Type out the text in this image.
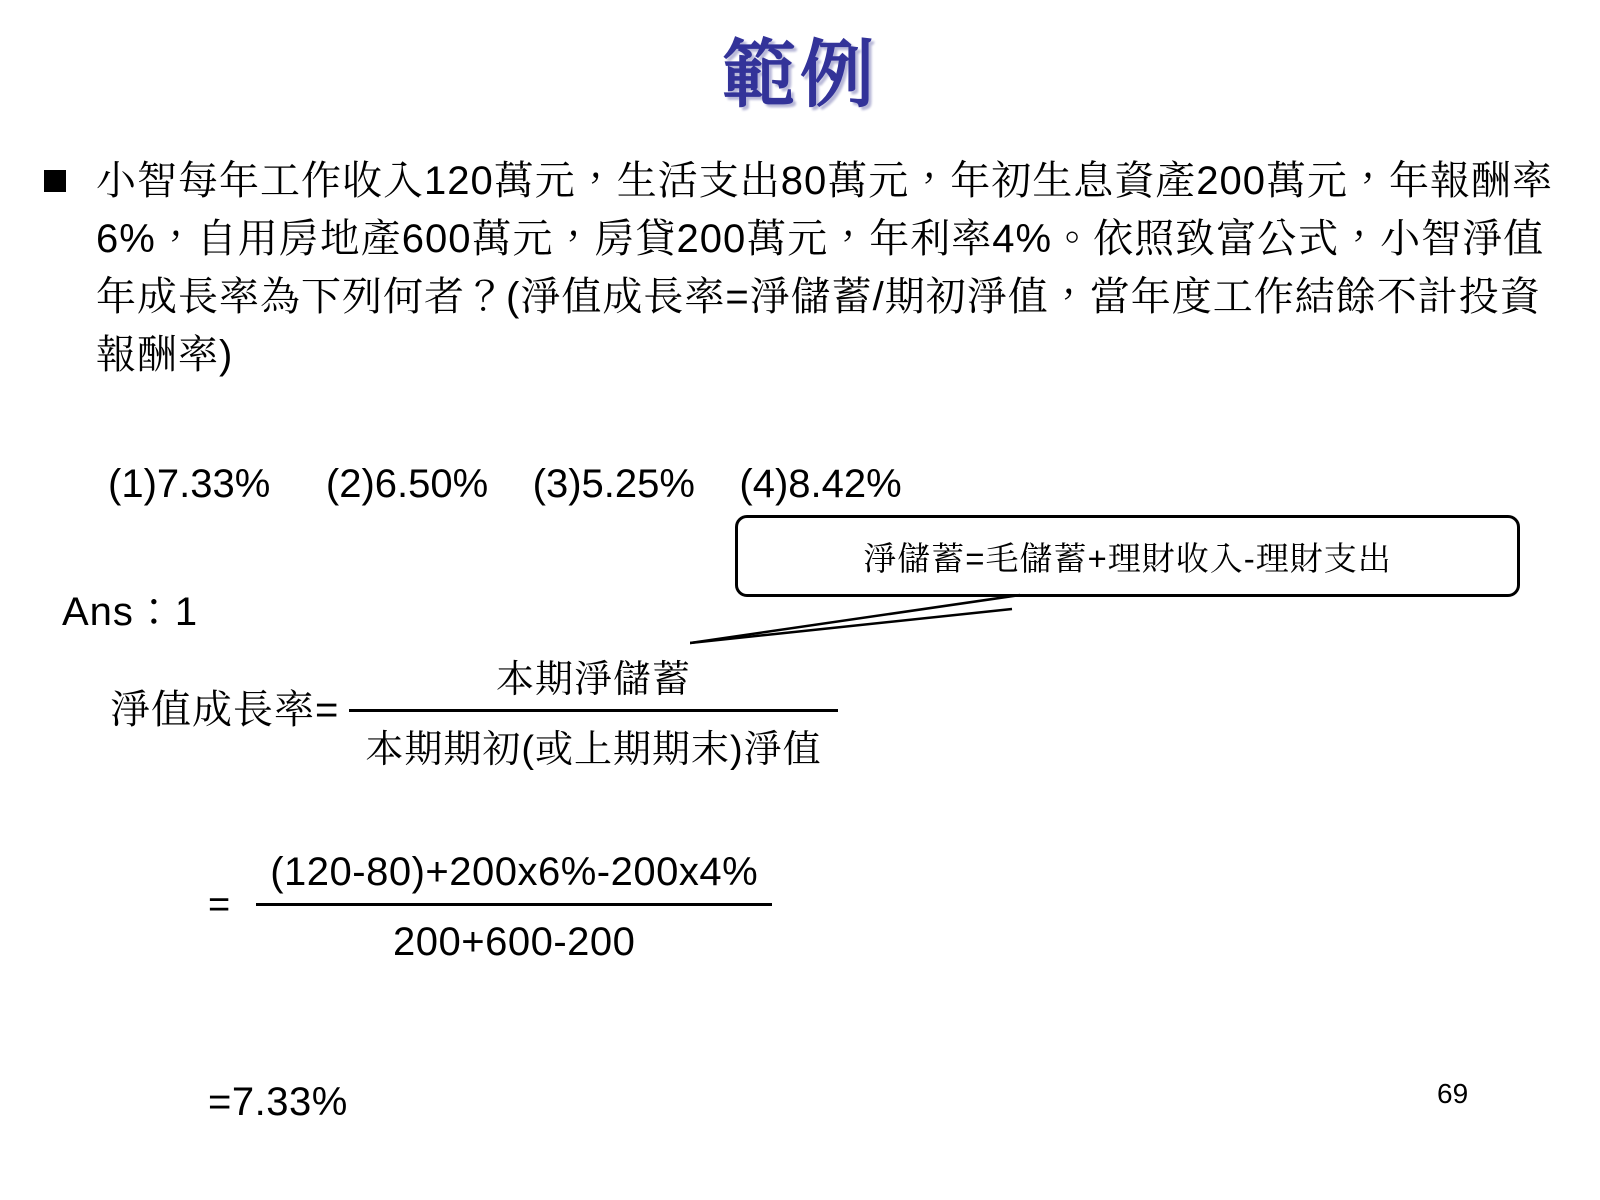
範例
小智每年工作收入120萬元，生活支出80萬元，年初生息資產200萬元，年報酬率6%，自用房地產600萬元，房貸200萬元，年利率4%。依照致富公式，小智淨值年成長率為下列何者？(淨值成長率=淨儲蓄/期初淨值，當年度工作結餘不計投資報酬率)
(1)7.33%     (2)6.50%    (3)5.25%    (4)8.42%
淨儲蓄=毛儲蓄+理財收入-理財支出
Ans：1
淨值成長率= $\frac{\text{本期淨儲蓄}}{\text{本期期初(或上期期末)淨值}}$
= $\frac{(120-80)+200x6\%-200x4\%}{200+600-200}$
=7.33%	69
